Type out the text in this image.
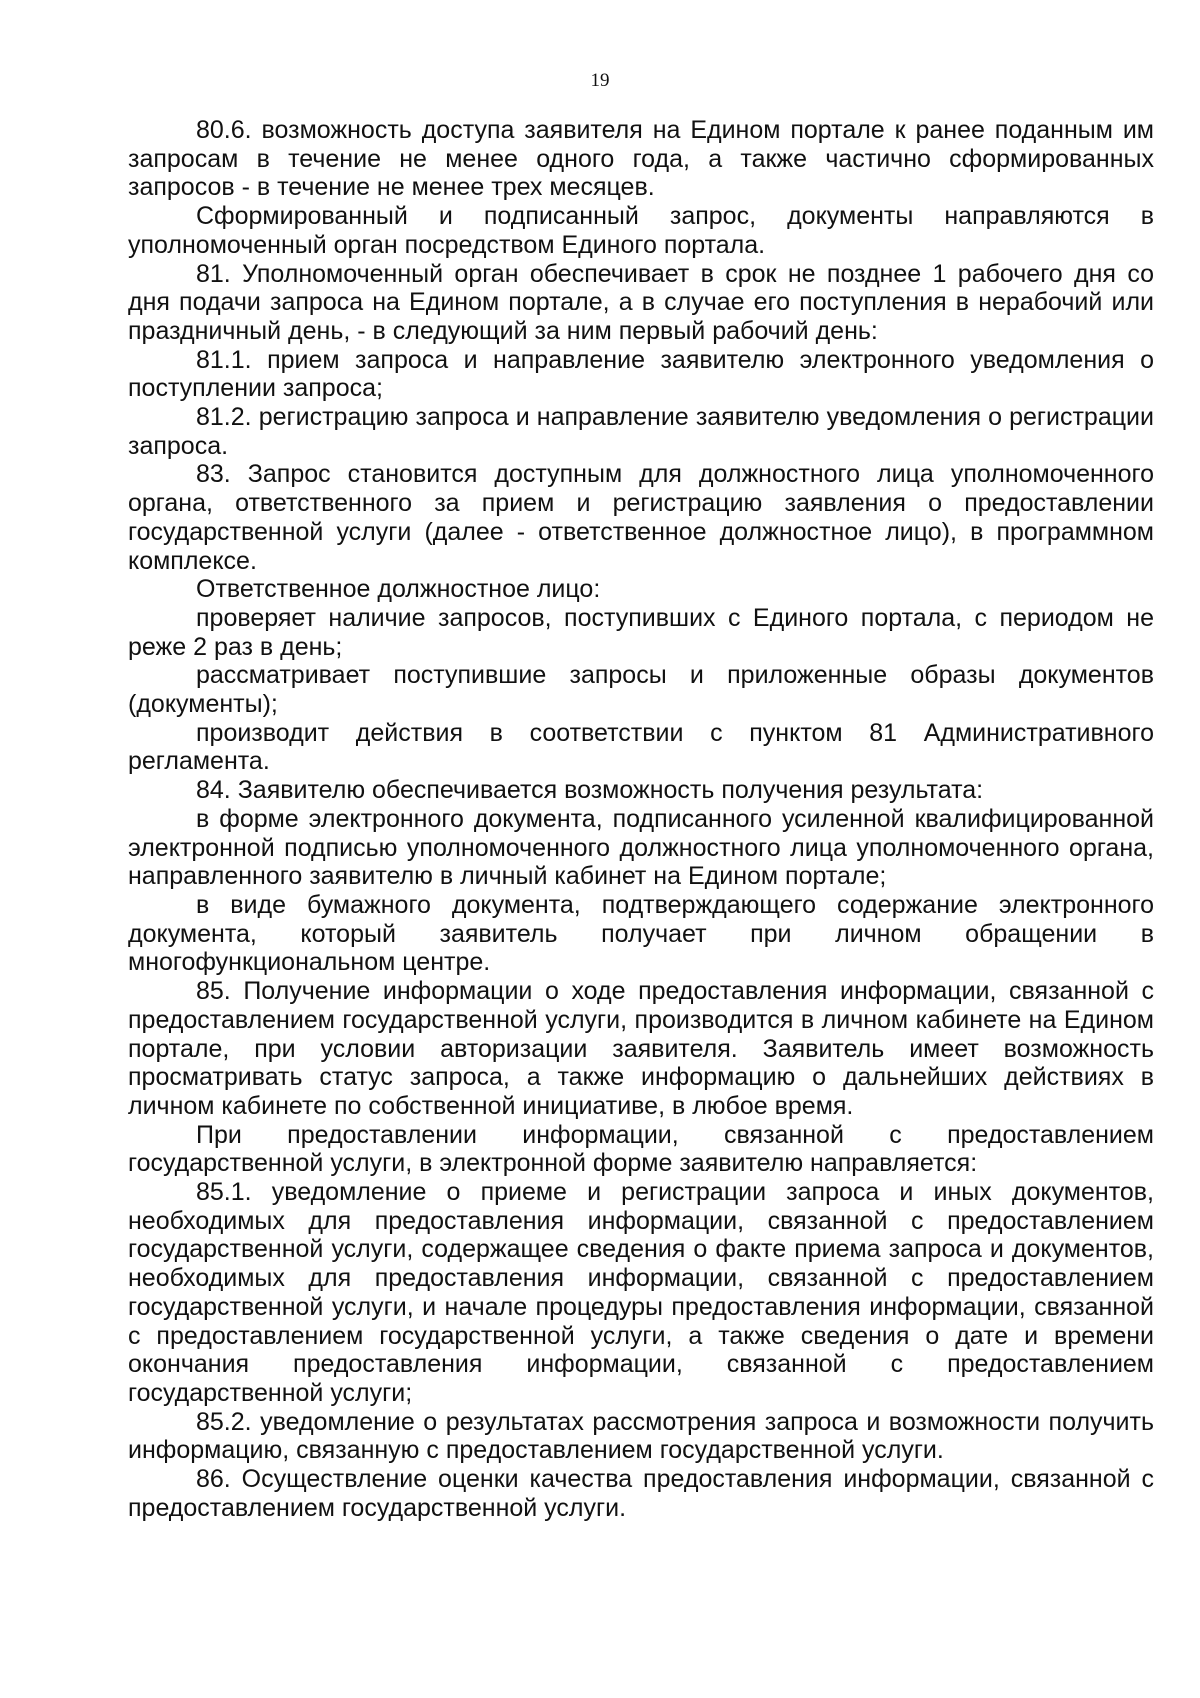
19

80.6. возможность доступа заявителя на Едином портале к ранее поданным им запросам в течение не менее одного года, а также частично сформированных запросов - в течение не менее трех месяцев.

Сформированный и подписанный запрос, документы направляются в уполномоченный орган посредством Единого портала.

81. Уполномоченный орган обеспечивает в срок не позднее 1 рабочего дня со дня подачи запроса на Едином портале, а в случае его поступления в нерабочий или праздничный день, - в следующий за ним первый рабочий день:

81.1. прием запроса и направление заявителю электронного уведомления о поступлении запроса;

81.2. регистрацию запроса и направление заявителю уведомления о регистрации запроса.

83. Запрос становится доступным для должностного лица уполномоченного органа, ответственного за прием и регистрацию заявления о предоставлении государственной услуги (далее - ответственное должностное лицо), в программном комплексе.

Ответственное должностное лицо:

проверяет наличие запросов, поступивших с Единого портала, с периодом не реже 2 раз в день;

рассматривает поступившие запросы и приложенные образы документов (документы);

производит действия в соответствии с пунктом 81 Административного регламента.

84. Заявителю обеспечивается возможность получения результата:

в форме электронного документа, подписанного усиленной квалифицированной электронной подписью уполномоченного должностного лица уполномоченного органа, направленного заявителю в личный кабинет на Едином портале;

в виде бумажного документа, подтверждающего содержание электронного документа, который заявитель получает при личном обращении в многофункциональном центре.

85. Получение информации о ходе предоставления информации, связанной с предоставлением государственной услуги, производится в личном кабинете на Едином портале, при условии авторизации заявителя. Заявитель имеет возможность просматривать статус запроса, а также информацию о дальнейших действиях в личном кабинете по собственной инициативе, в любое время.

При предоставлении информации, связанной с предоставлением государственной услуги, в электронной форме заявителю направляется:

85.1. уведомление о приеме и регистрации запроса и иных документов, необходимых для предоставления информации, связанной с предоставлением государственной услуги, содержащее сведения о факте приема запроса и документов, необходимых для предоставления информации, связанной с предоставлением государственной услуги, и начале процедуры предоставления информации, связанной с предоставлением государственной услуги, а также сведения о дате и времени окончания предоставления информации, связанной с предоставлением государственной услуги;

85.2. уведомление о результатах рассмотрения запроса и возможности получить информацию, связанную с предоставлением государственной услуги.

86. Осуществление оценки качества предоставления информации, связанной с предоставлением государственной услуги.
